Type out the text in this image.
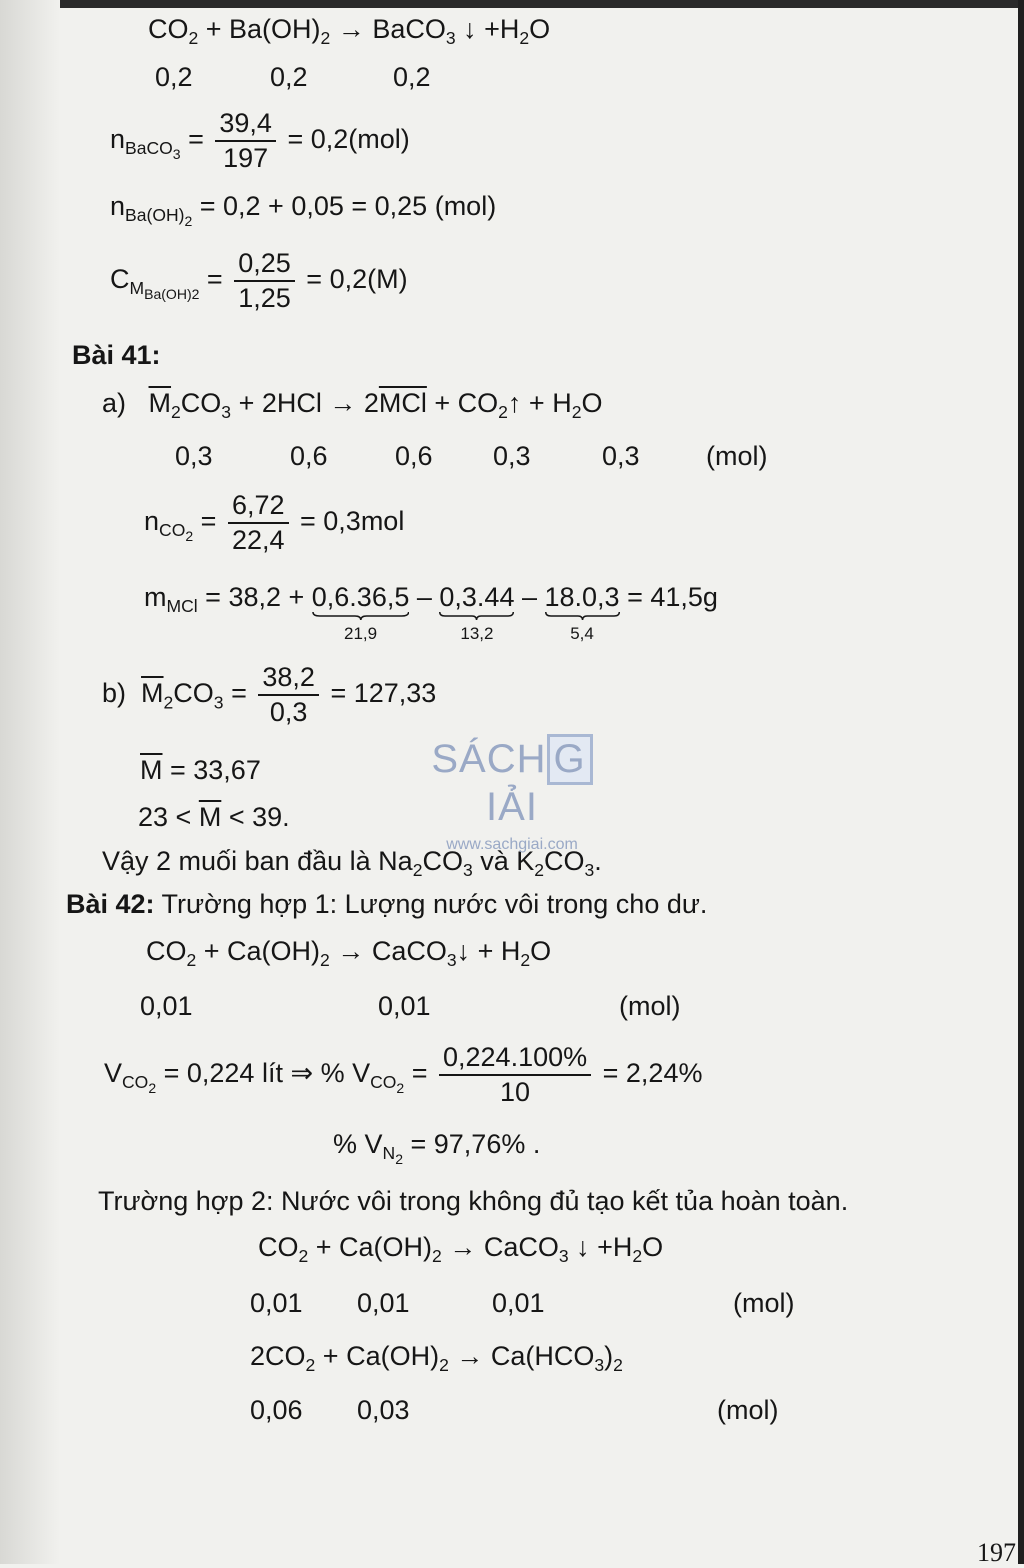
$CO_2 + Ba(OH)_2$ → BaCO$_3$ ↓ $+H_2O$
0,2	0,2	0,2
$n_{BaCO_3} = \frac{39,4}{197} = 0,2(mol)$
$n_{Ba(OH)_2} = 0,2 + 0,05 = 0,25$ (mol)
$C_{M_{Ba(OH)2}} = \frac{0,25}{1,25} = 0,2(M)$
Bài 41:
a) $\overline{M}_2CO_3 + 2HCl \to 2\overline{MCl}$ + $CO_2↑ + H_2O$
0,3	0,6 0,6 0,3	0,3 (mol)
$n_{CO_2} = \frac{6,72}{22,4} = 0,3mol$
$m_{MCl} = 38,2 + 0,6.36,5$
21,9
– 0,3.44
13,2
– 18.0,3
5,4
= 41,5g
b) $\overline{M}_2CO_3 = \frac{38,2}{0,3} = 127,33$
$\overline{M} = 33,67$
$23 < \overline{M} < 39$.
Vậy 2 muối ban đầu là $Na_2CO_3$ và $K_2CO_3$.
Bài 42: Trường hợp 1: Lượng nước vôi trong cho dư.
$CO_2 + Ca(OH)_2$ → CaCO$_3$↓ + $H_2O$
0,01	0,01	(mol)
$V_{CO_2} = 0,224$ lít ⇒ % $V_{CO_2} = \frac{0,224.100\%}{10} = 2,24\%$
% $V_{N_2} = 97,76\%$ .
Trường hợp 2: Nước vôi trong không đủ tạo kết tủa hoàn toàn.
$CO_2 + Ca(OH)_2$ → CaCO$_3$ ↓ $+H_2O$
0,01 0,01	0,01	(mol)
$2CO_2 + Ca(OH)_2 \to Ca(HCO_3)_2$
0,06 0,03	(mol)
SÁCH GIẢI
www.sachgiai.com
197
